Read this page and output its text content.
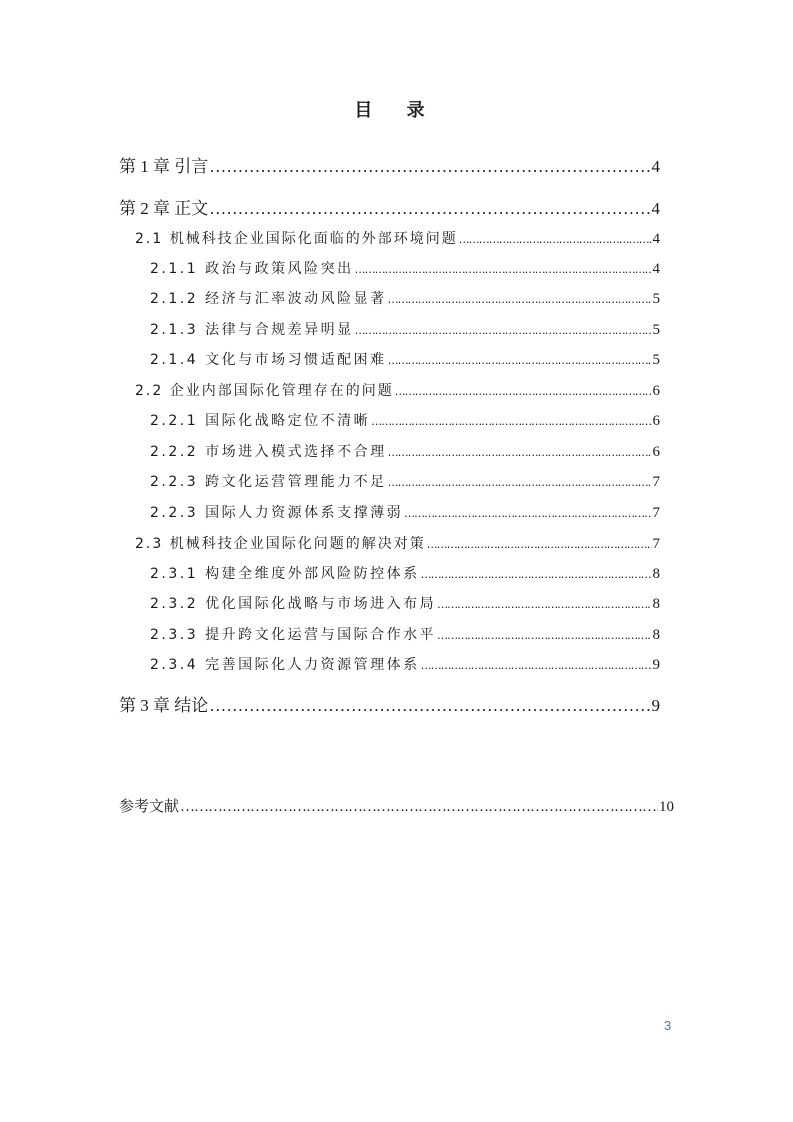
目 录
第 1 章 引言 ……………………………………………………………………………………………………………………………………………………………………………………	4
第 2 章 正文 ……………………………………………………………………………………………………………………………………………………………………………………	4
2.1 机械科技企业国际化面临的外部环境问题 ……………………………………………………………………………………………………………………………………………………………………………………	4
2.1.1 政治与政策风险突出 ……………………………………………………………………………………………………………………………………………………………………………………	4
2.1.2 经济与汇率波动风险显著 ……………………………………………………………………………………………………………………………………………………………………………………	5
2.1.3 法律与合规差异明显 ……………………………………………………………………………………………………………………………………………………………………………………	5
2.1.4 文化与市场习惯适配困难 ……………………………………………………………………………………………………………………………………………………………………………………	5
2.2 企业内部国际化管理存在的问题 ……………………………………………………………………………………………………………………………………………………………………………………	6
2.2.1 国际化战略定位不清晰 ……………………………………………………………………………………………………………………………………………………………………………………	6
2.2.2 市场进入模式选择不合理 ……………………………………………………………………………………………………………………………………………………………………………………	6
2.2.3 跨文化运营管理能力不足 ……………………………………………………………………………………………………………………………………………………………………………………	7
2.2.3 国际人力资源体系支撑薄弱 ……………………………………………………………………………………………………………………………………………………………………………………	7
2.3 机械科技企业国际化问题的解决对策 ……………………………………………………………………………………………………………………………………………………………………………………	7
2.3.1 构建全维度外部风险防控体系 ……………………………………………………………………………………………………………………………………………………………………………………	8
2.3.2 优化国际化战略与市场进入布局 ……………………………………………………………………………………………………………………………………………………………………………………	8
2.3.3 提升跨文化运营与国际合作水平 ……………………………………………………………………………………………………………………………………………………………………………………	8
2.3.4 完善国际化人力资源管理体系 ……………………………………………………………………………………………………………………………………………………………………………………	9
第 3 章 结论 ……………………………………………………………………………………………………………………………………………………………………………………	9
参考文献 ……………………………………………………………………………………………………………………………………………………………………………………	10
3
